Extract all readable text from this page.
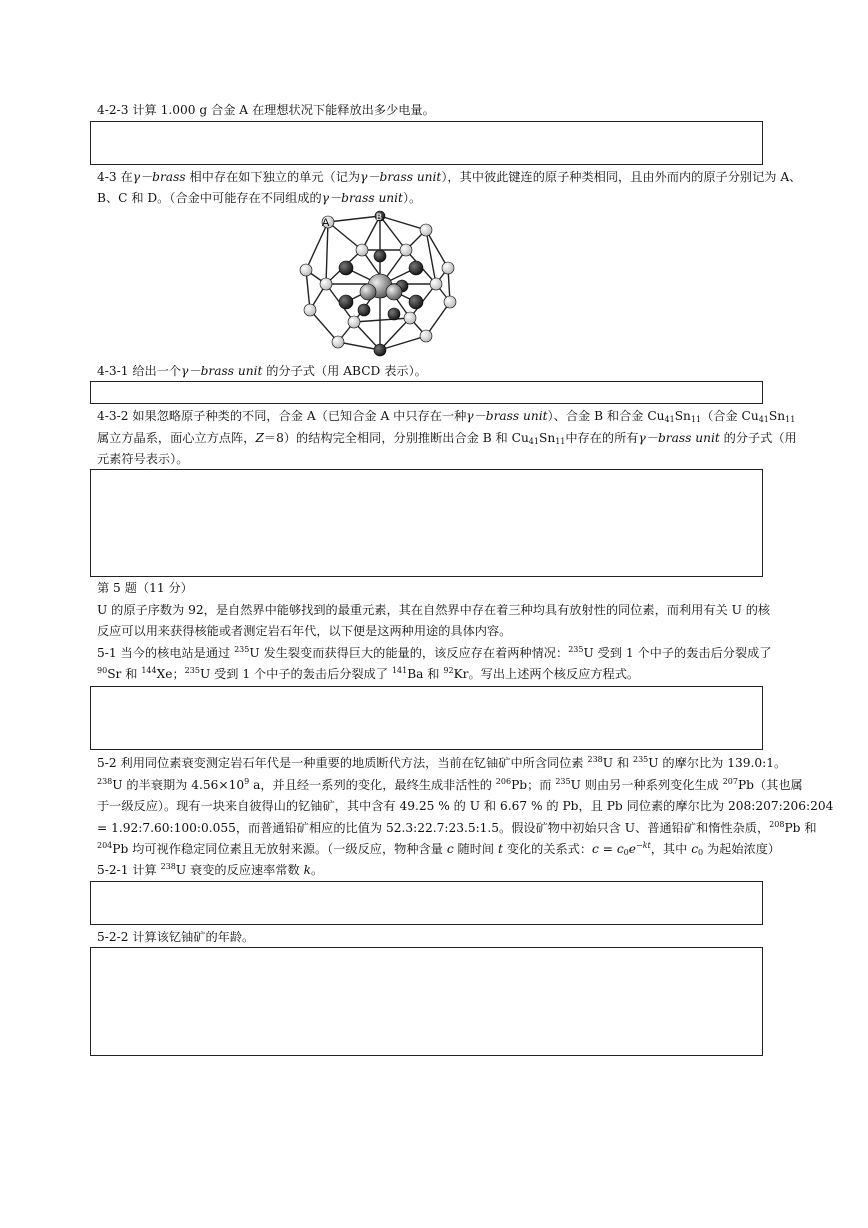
4-2-3 计算 1.000 g 合金 A 在理想状况下能释放出多少电量。
4-3 在γ－brass 相中存在如下独立的单元（记为γ－brass unit），其中彼此键连的原子种类相同，且由外而内的原子分别记为 A、
B、C 和 D。（合金中可能存在不同组成的γ－brass unit）。
A	B
4-3-1 给出一个γ－brass unit 的分子式（用 ABCD 表示）。
4-3-2 如果忽略原子种类的不同，合金 A（已知合金 A 中只存在一种γ－brass unit）、合金 B 和合金 $Cu_{41}Sn_{11}$（合金 $Cu_{41}Sn_{11}$
属立方晶系，面心立方点阵，Z＝8）的结构完全相同，分别推断出合金 B 和 $Cu_{41}Sn_{11}$中存在的所有γ－brass unit 的分子式（用
元素符号表示）。
第 5 题（11 分）
U 的原子序数为 92，是自然界中能够找到的最重元素，其在自然界中存在着三种均具有放射性的同位素，而利用有关 U 的核
反应可以用来获得核能或者测定岩石年代，以下便是这两种用途的具体内容。
5-1 当今的核电站是通过 $^{235}$U 发生裂变而获得巨大的能量的，该反应存在着两种情况：$^{235}$U 受到 1 个中子的轰击后分裂成了
$^{90}$Sr 和 $^{144}$Xe；$^{235}$U 受到 1 个中子的轰击后分裂成了 $^{141}$Ba 和 $^{92}$Kr。写出上述两个核反应方程式。
5-2 利用同位素衰变测定岩石年代是一种重要的地质断代方法，当前在钇铀矿中所含同位素 $^{238}$U 和 $^{235}$U 的摩尔比为 139.0:1。
$^{238}$U 的半衰期为 $4.56\times 10^9$ a，并且经一系列的变化，最终生成非活性的 $^{206}$Pb；而 $^{235}$U 则由另一种系列变化生成 $^{207}$Pb（其也属
于一级反应）。现有一块来自彼得山的钇铀矿，其中含有 49.25 % 的 U 和 6.67 % 的 Pb，且 Pb 同位素的摩尔比为 208:207:206:204
= 1.92:7.60:100:0.055，而普通铅矿相应的比值为 52.3:22.7:23.5:1.5。假设矿物中初始只含 U、普通铅矿和惰性杂质，$^{208}$Pb 和
$^{204}$Pb 均可视作稳定同位素且无放射来源。（一级反应，物种含量 c 随时间 t 变化的关系式：$c = c_0e^{-kt}$，其中 $c_0$ 为起始浓度）
5-2-1 计算 $^{238}$U 衰变的反应速率常数 k。
5-2-2 计算该钇铀矿的年龄。
